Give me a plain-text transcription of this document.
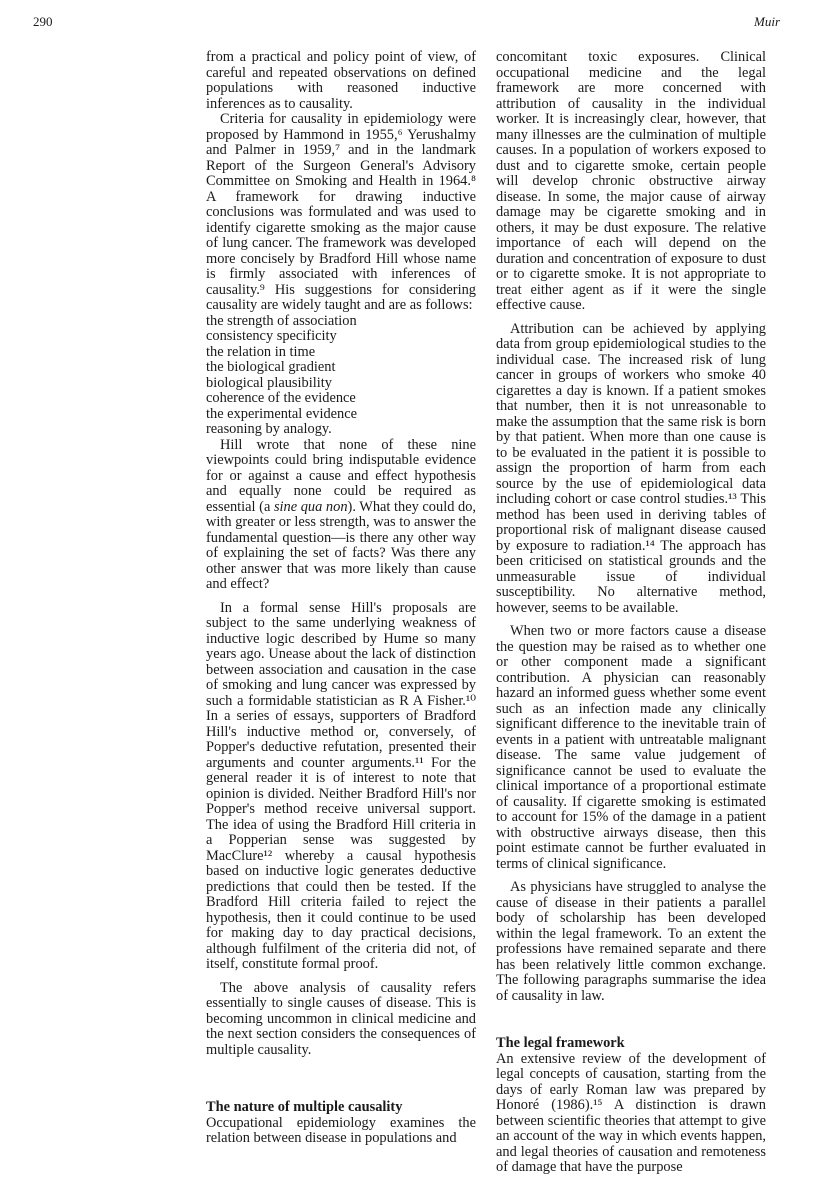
290	Muir

from a practical and policy point of view, of careful and repeated observations on defined populations with reasoned inductive inferences as to causality.

Criteria for causality in epidemiology were proposed by Hammond in 1955,⁶ Yerushalmy and Palmer in 1959,⁷ and in the landmark Report of the Surgeon General's Advisory Committee on Smoking and Health in 1964.⁸ A framework for drawing inductive conclusions was formulated and was used to identify cigarette smoking as the major cause of lung cancer. The framework was developed more concisely by Bradford Hill whose name is firmly associated with inferences of causality.⁹ His suggestions for considering causality are widely taught and are as follows:

the strength of association
consistency specificity
the relation in time
the biological gradient
biological plausibility
coherence of the evidence
the experimental evidence
reasoning by analogy.

Hill wrote that none of these nine viewpoints could bring indisputable evidence for or against a cause and effect hypothesis and equally none could be required as essential (a sine qua non). What they could do, with greater or less strength, was to answer the fundamental question—is there any other way of explaining the set of facts? Was there any other answer that was more likely than cause and effect?

In a formal sense Hill's proposals are subject to the same underlying weakness of inductive logic described by Hume so many years ago. Unease about the lack of distinction between association and causation in the case of smoking and lung cancer was expressed by such a formidable statistician as R A Fisher.¹⁰ In a series of essays, supporters of Bradford Hill's inductive method or, conversely, of Popper's deductive refutation, presented their arguments and counter arguments.¹¹ For the general reader it is of interest to note that opinion is divided. Neither Bradford Hill's nor Popper's method receive universal support. The idea of using the Bradford Hill criteria in a Popperian sense was suggested by MacClure¹² whereby a causal hypothesis based on inductive logic generates deductive predictions that could then be tested. If the Bradford Hill criteria failed to reject the hypothesis, then it could continue to be used for making day to day practical decisions, although fulfilment of the criteria did not, of itself, constitute formal proof.

The above analysis of causality refers essentially to single causes of disease. This is becoming uncommon in clinical medicine and the next section considers the consequences of multiple causality.

The nature of multiple causality

Occupational epidemiology examines the relation between disease in populations and

concomitant toxic exposures. Clinical occupational medicine and the legal framework are more concerned with attribution of causality in the individual worker. It is increasingly clear, however, that many illnesses are the culmination of multiple causes. In a population of workers exposed to dust and to cigarette smoke, certain people will develop chronic obstructive airway disease. In some, the major cause of airway damage may be cigarette smoking and in others, it may be dust exposure. The relative importance of each will depend on the duration and concentration of exposure to dust or to cigarette smoke. It is not appropriate to treat either agent as if it were the single effective cause.

Attribution can be achieved by applying data from group epidemiological studies to the individual case. The increased risk of lung cancer in groups of workers who smoke 40 cigarettes a day is known. If a patient smokes that number, then it is not unreasonable to make the assumption that the same risk is born by that patient. When more than one cause is to be evaluated in the patient it is possible to assign the proportion of harm from each source by the use of epidemiological data including cohort or case control studies.¹³ This method has been used in deriving tables of proportional risk of malignant disease caused by exposure to radiation.¹⁴ The approach has been criticised on statistical grounds and the unmeasurable issue of individual susceptibility. No alternative method, however, seems to be available.

When two or more factors cause a disease the question may be raised as to whether one or other component made a significant contribution. A physician can reasonably hazard an informed guess whether some event such as an infection made any clinically significant difference to the inevitable train of events in a patient with untreatable malignant disease. The same value judgement of significance cannot be used to evaluate the clinical importance of a proportional estimate of causality. If cigarette smoking is estimated to account for 15% of the damage in a patient with obstructive airways disease, then this point estimate cannot be further evaluated in terms of clinical significance.

As physicians have struggled to analyse the cause of disease in their patients a parallel body of scholarship has been developed within the legal framework. To an extent the professions have remained separate and there has been relatively little common exchange. The following paragraphs summarise the idea of causality in law.

The legal framework

An extensive review of the development of legal concepts of causation, starting from the days of early Roman law was prepared by Honoré (1986).¹⁵ A distinction is drawn between scientific theories that attempt to give an account of the way in which events happen, and legal theories of causation and remoteness of damage that have the purpose
